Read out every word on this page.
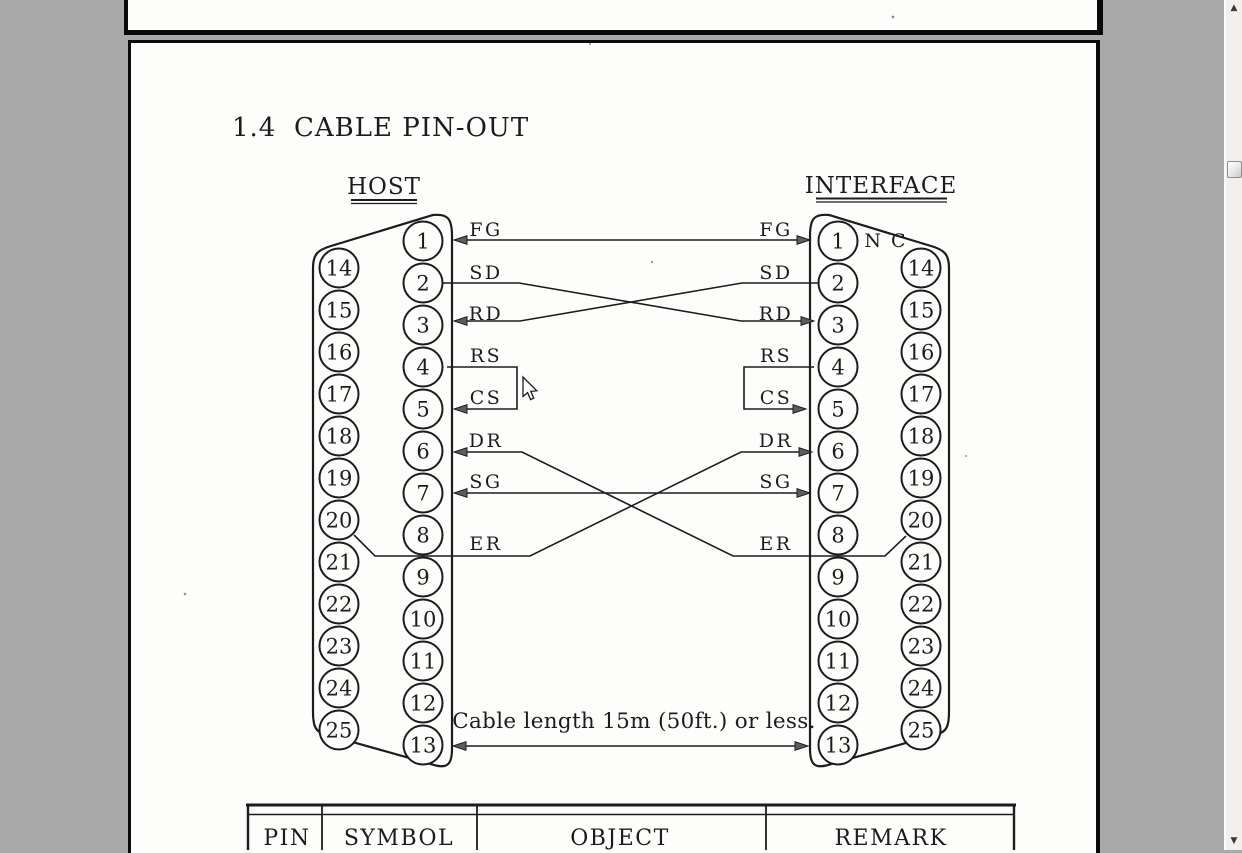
1.4 CABLE PIN-OUT
HOST	INTERFACE
N C
1
2
3
4
5
6
7
8
9
10
11
12
13
14
15
16
17
18
19
20
21
22
23
24
25
1
2
3
4
5
6
7
8
9
10
11
12
13
14
15
16
17
18
19
20
21
22
23
24
25
FG
SD
RD
RS
CS
DR
SG
ER
FG
SD
RD
RS
CS
DR
SG
ER
Cable length 15m (50ft.) or less.
PIN SYMBOL	OBJECT	REMARK
▲
▼
